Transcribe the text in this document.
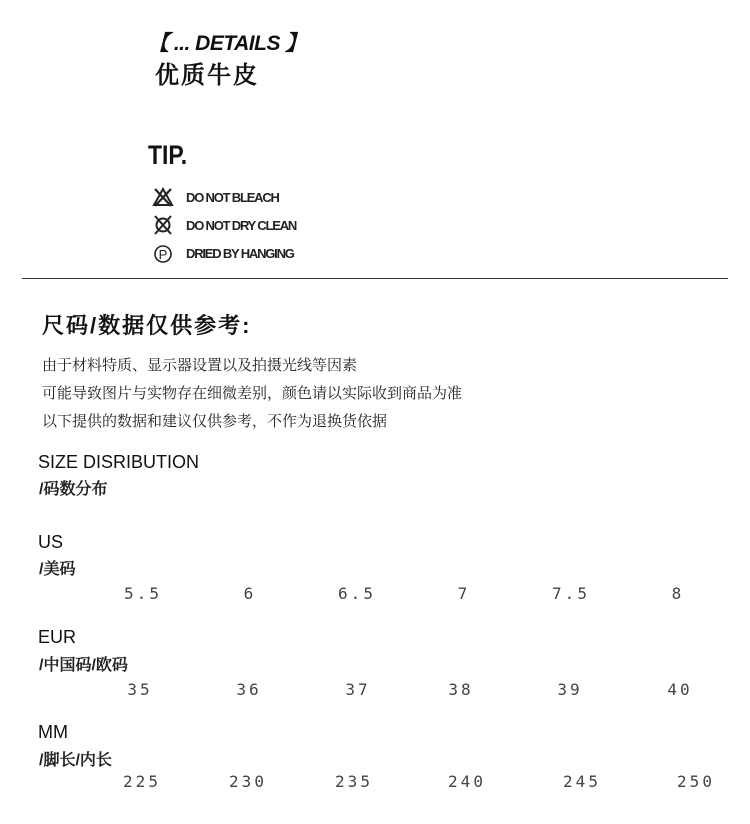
【 ... DETAILS 】
优质牛皮
TIP.
DO NOT BLEACH
DO NOT DRY CLEAN
P DRIED BY HANGING
尺码/数据仅供参考:
由于材料特质、显示器设置以及拍摄光线等因素
可能导致图片与实物存在细微差别，颜色请以实际收到商品为准
以下提供的数据和建议仅供参考，不作为退换货依据
SIZE DISRIBUTION
/码数分布
US
/美码
5.5	6	6.5	7	7.5	8
EUR
/中国码/欧码
35	36	37	38	39	40
MM
/脚长/内长
225	230	235	240	245	250
